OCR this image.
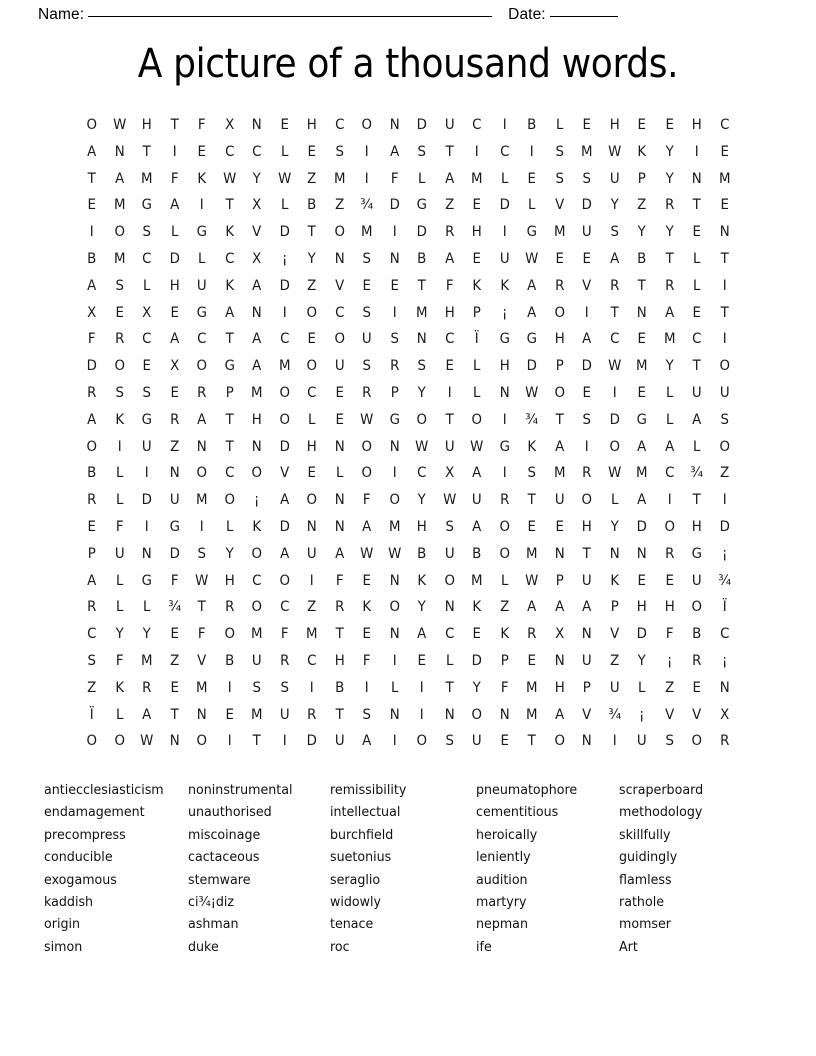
Name:	Date:
A picture of a thousand words.
O	W	H	T	F	X	N	E	H	C	O	N	D	U	C	I	B	L	E	H	E	E	H	C
A	N	T	I	E	C	C	L	E	S	I	A	S	T	I	C	I	S	M	W	K	Y	I	E
T	A	M	F	K	W	Y	W	Z	M	I	F	L	A	M	L	E	S	S	U	P	Y	N	M
E	M	G	A	I	T	X	L	B	Z	¾	D	G	Z	E	D	L	V	D	Y	Z	R	T	E
I	O	S	L	G	K	V	D	T	O	M	I	D	R	H	I	G	M	U	S	Y	Y	E	N
B	M	C	D	L	C	X	¡	Y	N	S	N	B	A	E	U	W	E	E	A	B	T	L	T
A	S	L	H	U	K	A	D	Z	V	E	E	T	F	K	K	A	R	V	R	T	R	L	I
X	E	X	E	G	A	N	I	O	C	S	I	M	H	P	¡	A	O	I	T	N	A	E	T
F	R	C	A	C	T	A	C	E	O	U	S	N	C	Ï	G	G	H	A	C	E	M	C	I
D	O	E	X	O	G	A	M	O	U	S	R	S	E	L	H	D	P	D	W	M	Y	T	O
R	S	S	E	R	P	M	O	C	E	R	P	Y	I	L	N	W	O	E	I	E	L	U	U
A	K	G	R	A	T	H	O	L	E	W	G	O	T	O	I	¾	T	S	D	G	L	A	S
O	I	U	Z	N	T	N	D	H	N	O	N	W	U	W	G	K	A	I	O	A	A	L	O
B	L	I	N	O	C	O	V	E	L	O	I	C	X	A	I	S	M	R	W	M	C	¾	Z
R	L	D	U	M	O	¡	A	O	N	F	O	Y	W	U	R	T	U	O	L	A	I	T	I
E	F	I	G	I	L	K	D	N	N	A	M	H	S	A	O	E	E	H	Y	D	O	H	D
P	U	N	D	S	Y	O	A	U	A	W W	B	U	B	O	M	N	T	N	N	R	G	¡
A	L	G	F	W	H	C	O	I	F	E	N	K	O	M	L	W	P	U	K	E	E	U	¾
R	L	L	¾	T	R	O	C	Z	R	K	O	Y	N	K	Z	A	A	A	P	H	H	O	Ï
C	Y	Y	E	F	O	M	F	M	T	E	N	A	C	E	K	R	X	N	V	D	F	B	C
S	F	M	Z	V	B	U	R	C	H	F	I	E	L	D	P	E	N	U	Z	Y	¡	R	¡
Z	K	R	E	M	I	S	S	I	B	I	L	I	T	Y	F	M	H	P	U	L	Z	E	N
Ï	L	A	T	N	E	M	U	R	T	S	N	I	N	O	N	M	A	V	¾	¡	V	V	X
O	O	W	N	O	I	T	I	D	U	A	I	O	S	U	E	T	O	N	I	U	S	O	R
antiecclesiasticism
endamagement
precompress
conducible
exogamous
kaddish
origin
simon
noninstrumental
unauthorised
miscoinage
cactaceous
stemware
ci¾¡diz
ashman
duke
remissibility
intellectual
burchfield
suetonius
seraglio
widowly
tenace
roc
pneumatophore
cementitious
heroically
leniently
audition
martyry
nepman
ife
scraperboard
methodology
skillfully
guidingly
flamless
rathole
momser
Art
